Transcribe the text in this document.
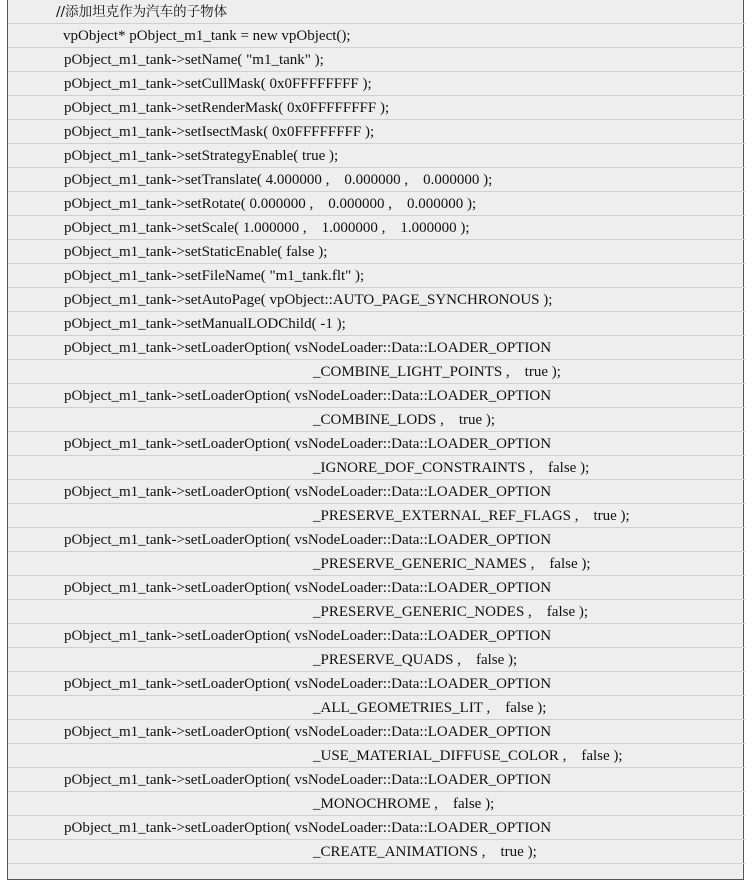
//添加坦克作为汽车的子物体
vpObject* pObject_m1_tank = new vpObject();
pObject_m1_tank->setName( "m1_tank" );
pObject_m1_tank->setCullMask( 0x0FFFFFFFF );
pObject_m1_tank->setRenderMask( 0x0FFFFFFFF );
pObject_m1_tank->setIsectMask( 0x0FFFFFFFF );
pObject_m1_tank->setStrategyEnable( true );
pObject_m1_tank->setTranslate( 4.000000 ,    0.000000 ,    0.000000 );
pObject_m1_tank->setRotate( 0.000000 ,    0.000000 ,    0.000000 );
pObject_m1_tank->setScale( 1.000000 ,    1.000000 ,    1.000000 );
pObject_m1_tank->setStaticEnable( false );
pObject_m1_tank->setFileName( "m1_tank.flt" );
pObject_m1_tank->setAutoPage( vpObject::AUTO_PAGE_SYNCHRONOUS );
pObject_m1_tank->setManualLODChild( -1 );
pObject_m1_tank->setLoaderOption( vsNodeLoader::Data::LOADER_OPTION
_COMBINE_LIGHT_POINTS ,    true );
pObject_m1_tank->setLoaderOption( vsNodeLoader::Data::LOADER_OPTION
_COMBINE_LODS ,    true );
pObject_m1_tank->setLoaderOption( vsNodeLoader::Data::LOADER_OPTION
_IGNORE_DOF_CONSTRAINTS ,    false );
pObject_m1_tank->setLoaderOption( vsNodeLoader::Data::LOADER_OPTION
_PRESERVE_EXTERNAL_REF_FLAGS ,    true );
pObject_m1_tank->setLoaderOption( vsNodeLoader::Data::LOADER_OPTION
_PRESERVE_GENERIC_NAMES ,    false );
pObject_m1_tank->setLoaderOption( vsNodeLoader::Data::LOADER_OPTION
_PRESERVE_GENERIC_NODES ,    false );
pObject_m1_tank->setLoaderOption( vsNodeLoader::Data::LOADER_OPTION
_PRESERVE_QUADS ,    false );
pObject_m1_tank->setLoaderOption( vsNodeLoader::Data::LOADER_OPTION
_ALL_GEOMETRIES_LIT ,    false );
pObject_m1_tank->setLoaderOption( vsNodeLoader::Data::LOADER_OPTION
_USE_MATERIAL_DIFFUSE_COLOR ,    false );
pObject_m1_tank->setLoaderOption( vsNodeLoader::Data::LOADER_OPTION
_MONOCHROME ,    false );
pObject_m1_tank->setLoaderOption( vsNodeLoader::Data::LOADER_OPTION
_CREATE_ANIMATIONS ,    true );
